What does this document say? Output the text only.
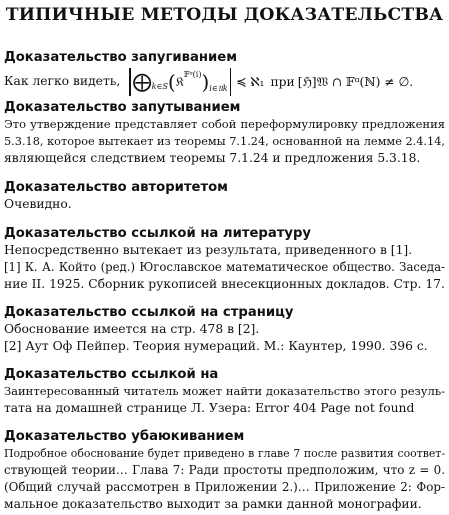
ТИПИЧНЫЕ МЕТОДЫ ДОКАЗАТЕЛЬСТВА
Доказательство запугиванием
Как легко видеть, ⨁ k∈S ( 𝔎
𝔽ᵅ(i) ) i∈𝔘k ≼ ℵ₁ при [ℌ]𝔚 ∩ 𝔽ᵅ(ℕ) ≠ ∅.
Доказательство запутыванием
Это утверждение представляет собой переформулировку предложения
5.3.18, которое вытекает из теоремы 7.1.24, основанной на лемме 2.4.14,
являющейся следствием теоремы 7.1.24 и предложения 5.3.18.
Доказательство авторитетом
Очевидно.
Доказательство ссылкой на литературу
Непосредственно вытекает из результата, приведенного в [1].
[1] К. А. Който (ред.) Югославское математическое общество. Заседа-
ние II. 1925. Сборник рукописей внесекционных докладов. Стр. 17.
Доказательство ссылкой на страницу
Обоснование имеется на стр. 478 в [2].
[2] Аут Оф Пейпер. Теория нумераций. М.: Каунтер, 1990. 396 с.
Доказательство ссылкой на
Заинтересованный читатель может найти доказательство этого резуль-
тата на домашней странице Л. Узера: Error 404 Page not found
Доказательство убаюкиванием
Подробное обоснование будет приведено в главе 7 после развития соответ-
ствующей теории… Глава 7: Ради простоты предположим, что z = 0.
(Общий случай рассмотрен в Приложении 2.)… Приложение 2: Фор-
мальное доказательство выходит за рамки данной монографии.
